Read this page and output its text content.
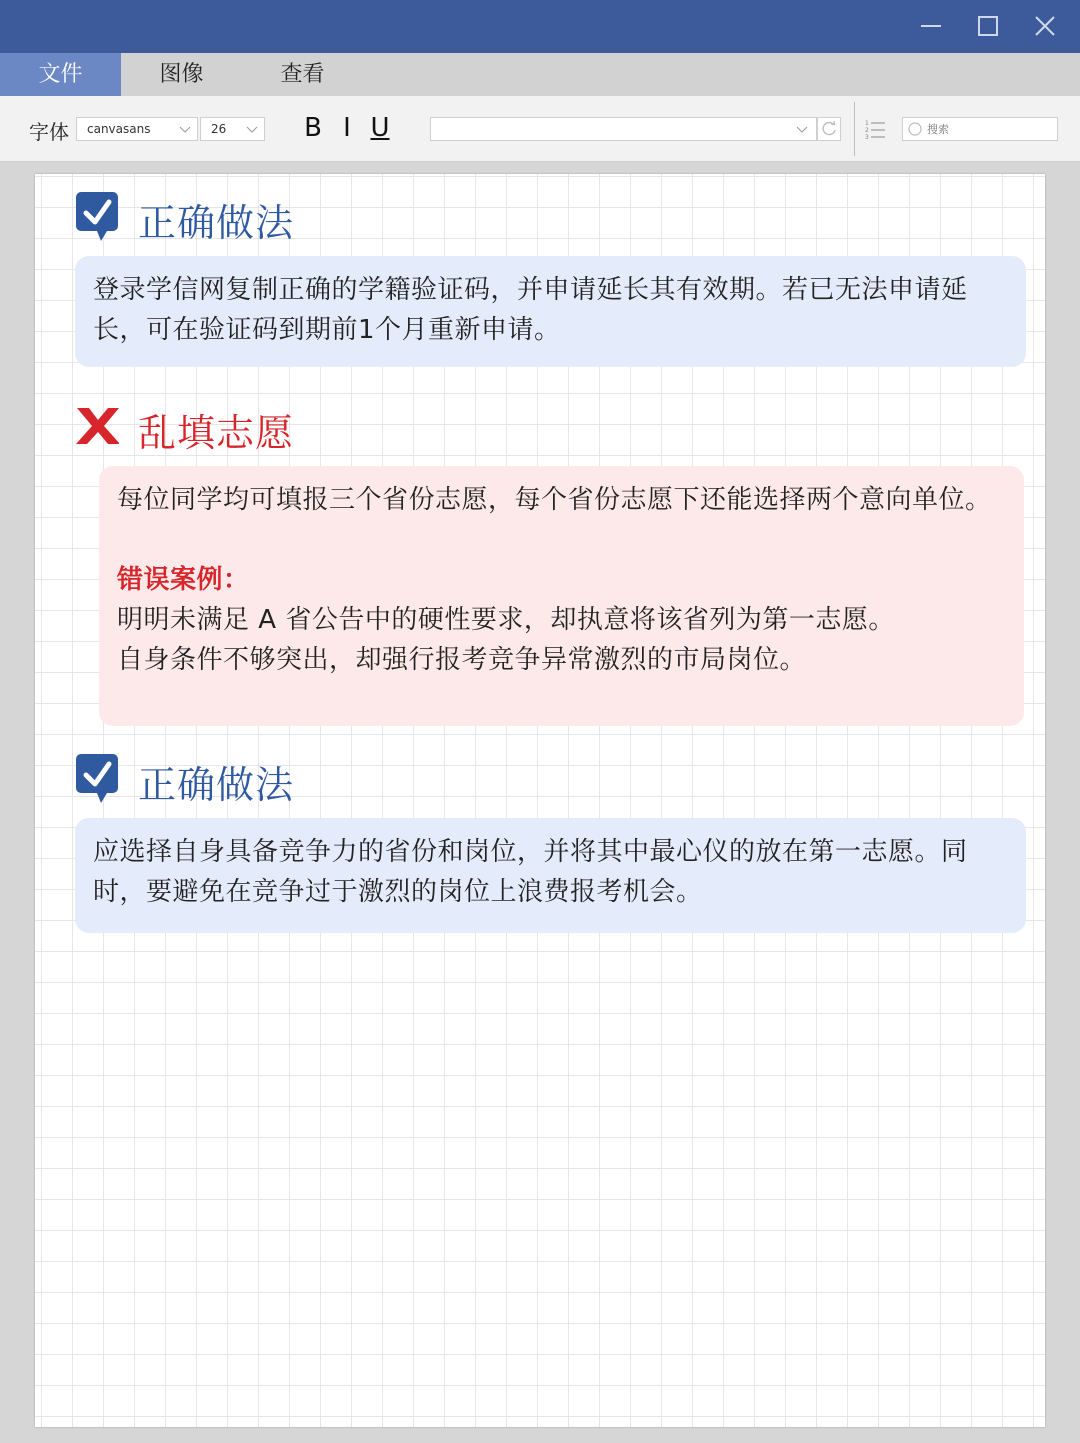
文件	图像	查看
字体	canvasans	26	B I U	1
2
3
搜索
正确做法

登录学信网复制正确的学籍验证码，并申请延长其有效期。若已无法申请延长，可在验证码到期前1个月重新申请。

乱填志愿

每位同学均可填报三个省份志愿，每个省份志愿下还能选择两个意向单位。

错误案例：

明明未满足 A 省公告中的硬性要求，却执意将该省列为第一志愿。

自身条件不够突出，却强行报考竞争异常激烈的市局岗位。

正确做法

应选择自身具备竞争力的省份和岗位，并将其中最心仪的放在第一志愿。同时，要避免在竞争过于激烈的岗位上浪费报考机会。
